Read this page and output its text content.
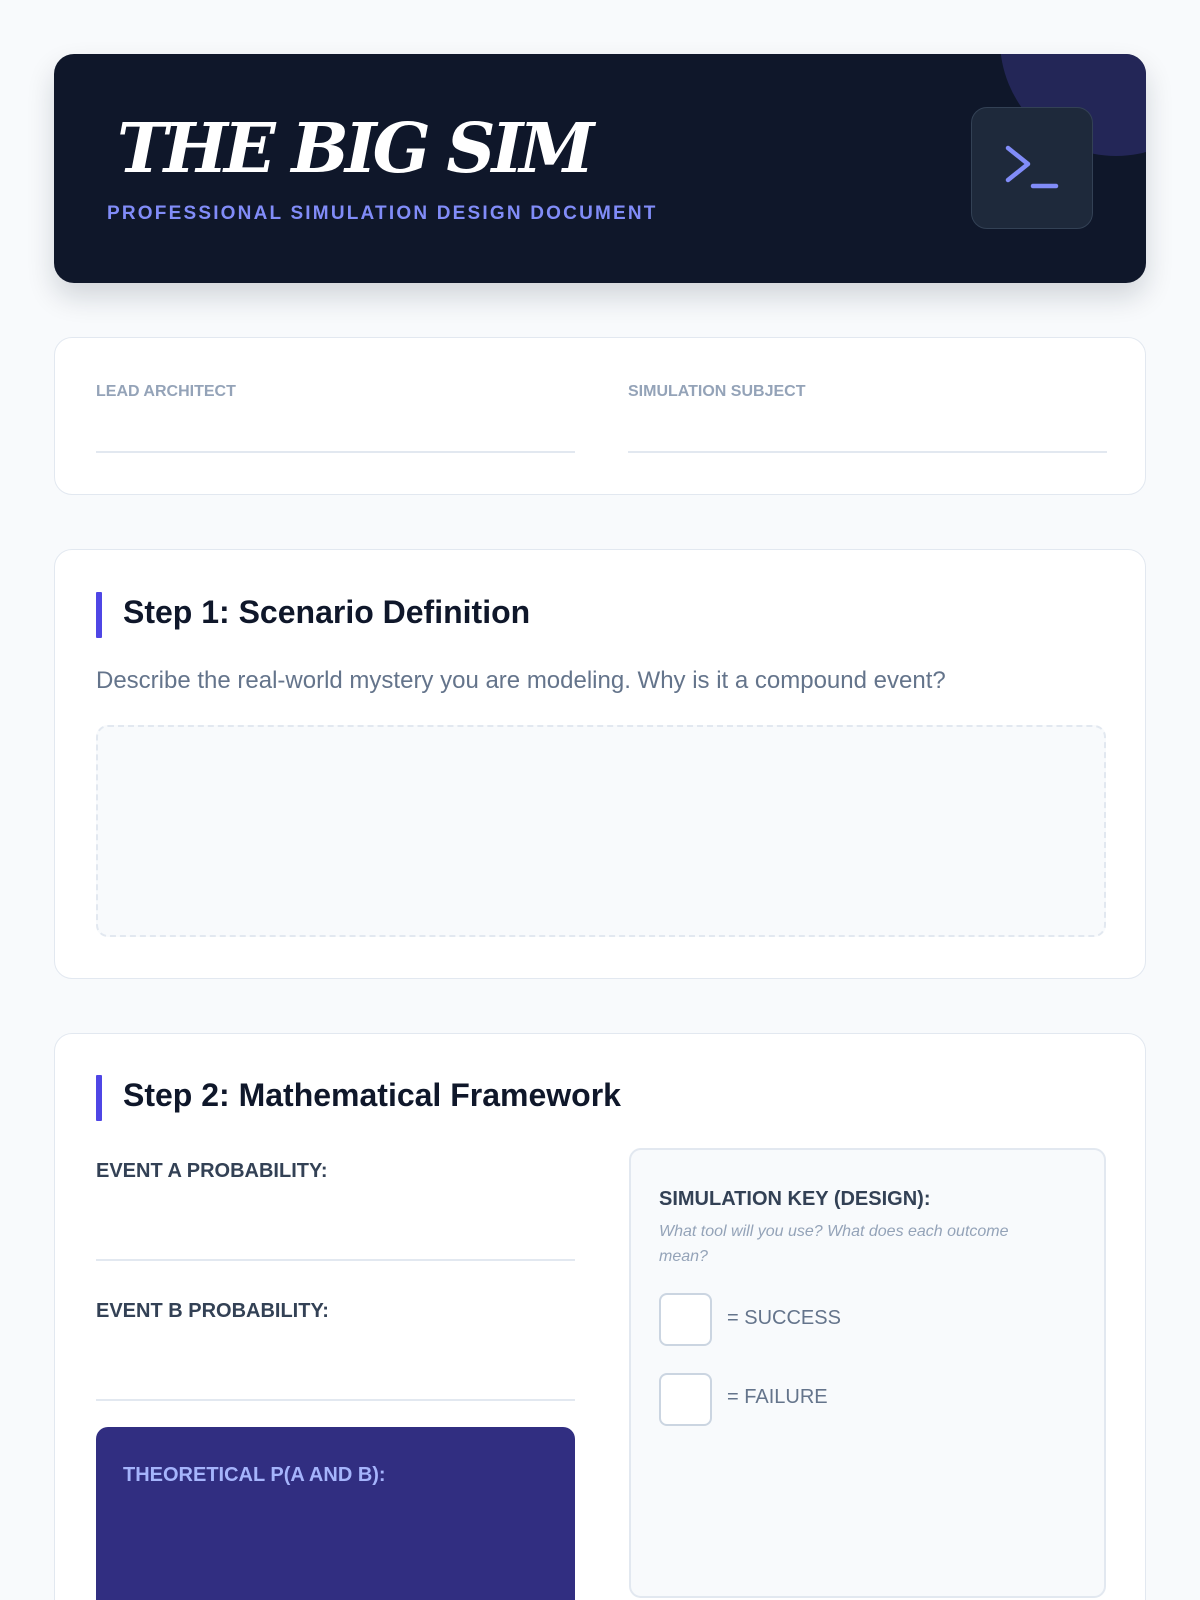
THE BIG SIM
PROFESSIONAL SIMULATION DESIGN DOCUMENT
LEAD ARCHITECT	SIMULATION SUBJECT
Step 1: Scenario Definition

Describe the real-world mystery you are modeling. Why is it a compound event?

Step 2: Mathematical Framework
EVENT A PROBABILITY:
EVENT B PROBABILITY:
THEORETICAL P(A AND B):
SIMULATION KEY (DESIGN):
What tool will you use? What does each outcome mean?
= SUCCESS
= FAILURE
